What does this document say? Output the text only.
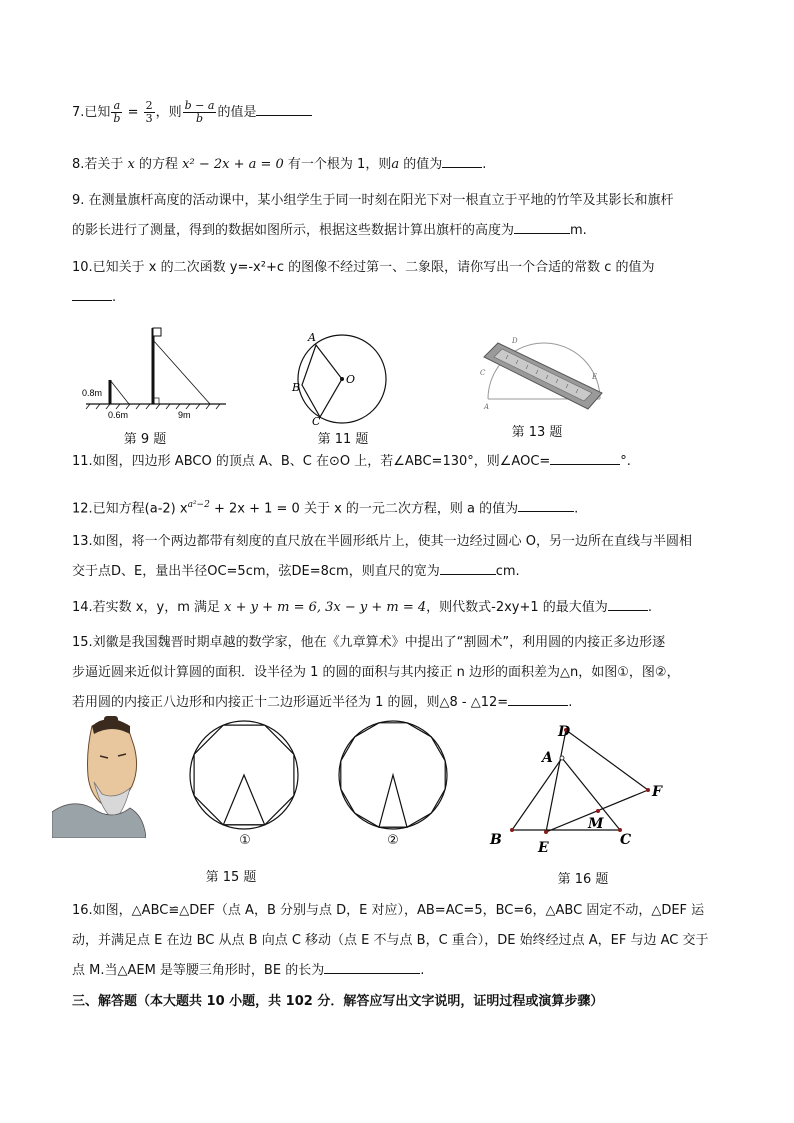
7.已知 $\frac{a}{b} = \frac{2}{3}$ ，则 $\frac{b - a}{b}$ 的值是
8.若关于 x 的方程 x² − 2x + a = 0 有一个根为 1，则a 的值为	.
9. 在测量旗杆高度的活动课中，某小组学生于同一时刻在阳光下对一根直立于平地的竹竿及其影长和旗杆
的影长进行了测量，得到的数据如图所示，根据这些数据计算出旗杆的高度为	m.
10.已知关于 x 的二次函数 y=-x²+c 的图像不经过第一、二象限，请你写出一个合适的常数 c 的值为
.
0.8m
0.6m	9m
第 9 题
A
B
C
O
第 11 题
D
E
C
A
第 13 题
11.如图，四边形 ABCO 的顶点 A、B、C 在⊙O 上，若∠ABC=130°，则∠AOC=	°.
12.已知方程(a-2) $x^{a^2-2} + 2x + 1 = 0$ 关于 x 的一元二次方程，则 a 的值为	.
13.如图，将一个两边都带有刻度的直尺放在半圆形纸片上，使其一边经过圆心 O，另一边所在直线与半圆相
交于点D、E，量出半径OC=5cm，弦DE=8cm，则直尺的宽为	cm.
14.若实数 x，y，m 满足 x + y + m = 6, 3x − y + m = 4，则代数式-2xy+1 的最大值为	.
15.刘徽是我国魏晋时期卓越的数学家，他在《九章算术》中提出了“割圆术”，利用圆的内接正多边形逐
步逼近圆来近似计算圆的面积．设半径为 1 的圆的面积与其内接正 n 边形的面积差为△n，如图①，图②，
若用圆的内接正八边形和内接正十二边形逼近半径为 1 的圆，则△8 - △12=	.
①	②
第 15 题
A
B	C
D
E
F
M
第 16 题
16.如图，△ABC≌△DEF（点 A，B 分别与点 D，E 对应），AB=AC=5，BC=6，△ABC 固定不动，△DEF 运
动，并满足点 E 在边 BC 从点 B 向点 C 移动（点 E 不与点 B，C 重合），DE 始终经过点 A，EF 与边 AC 交于
点 M.当△AEM 是等腰三角形时，BE 的长为	.
三、解答题（本大题共 10 小题，共 102 分．解答应写出文字说明，证明过程或演算步骤）
